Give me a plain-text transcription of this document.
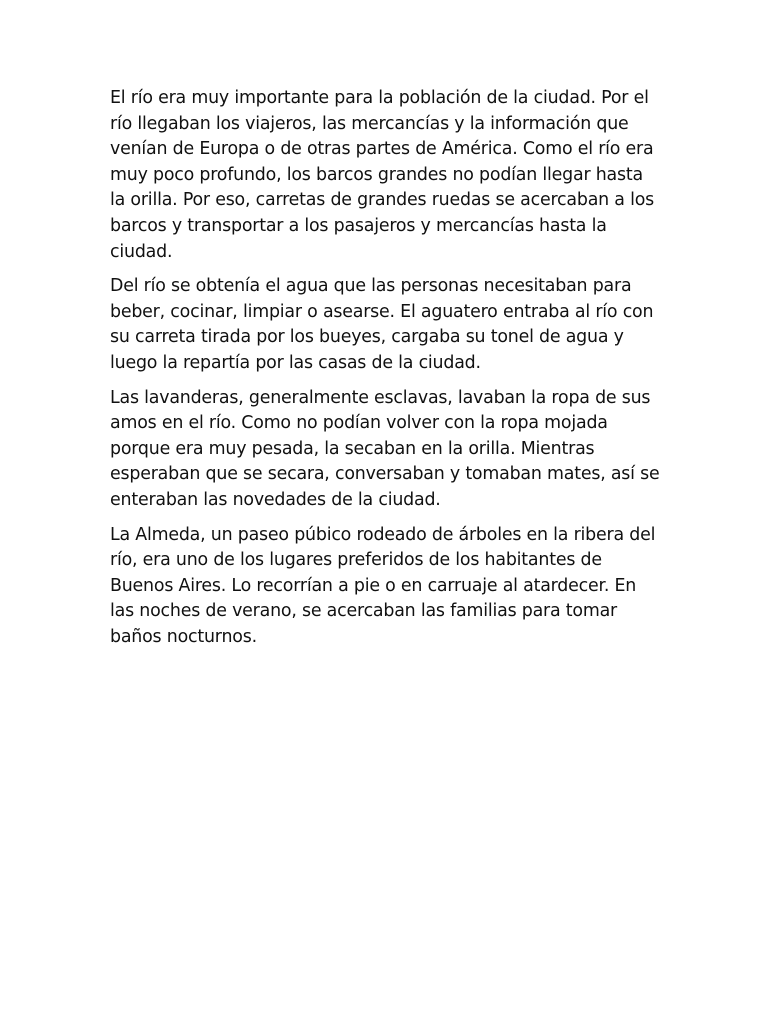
El río era muy importante para la población de la ciudad. Por el río llegaban los viajeros, las mercancías y la información que venían de Europa o de otras partes de América. Como el río era muy poco profundo, los barcos grandes no podían llegar hasta la orilla. Por eso, carretas de grandes ruedas se acercaban a los barcos y transportar a los pasajeros y mercancías hasta la ciudad.

Del río se obtenía el agua que las personas necesitaban para beber, cocinar, limpiar o asearse. El aguatero entraba al río con su carreta tirada por los bueyes, cargaba su tonel de agua y luego la repartía por las casas de la ciudad.

Las lavanderas, generalmente esclavas, lavaban la ropa de sus amos en el río. Como no podían volver con la ropa mojada porque era muy pesada, la secaban en la orilla. Mientras esperaban que se secara, conversaban y tomaban mates, así se enteraban las novedades de la ciudad.

La Almeda, un paseo púbico rodeado de árboles en la ribera del río, era uno de los lugares preferidos de los habitantes de Buenos Aires. Lo recorrían a pie o en carruaje al atardecer. En las noches de verano, se acercaban las familias para tomar baños nocturnos.
